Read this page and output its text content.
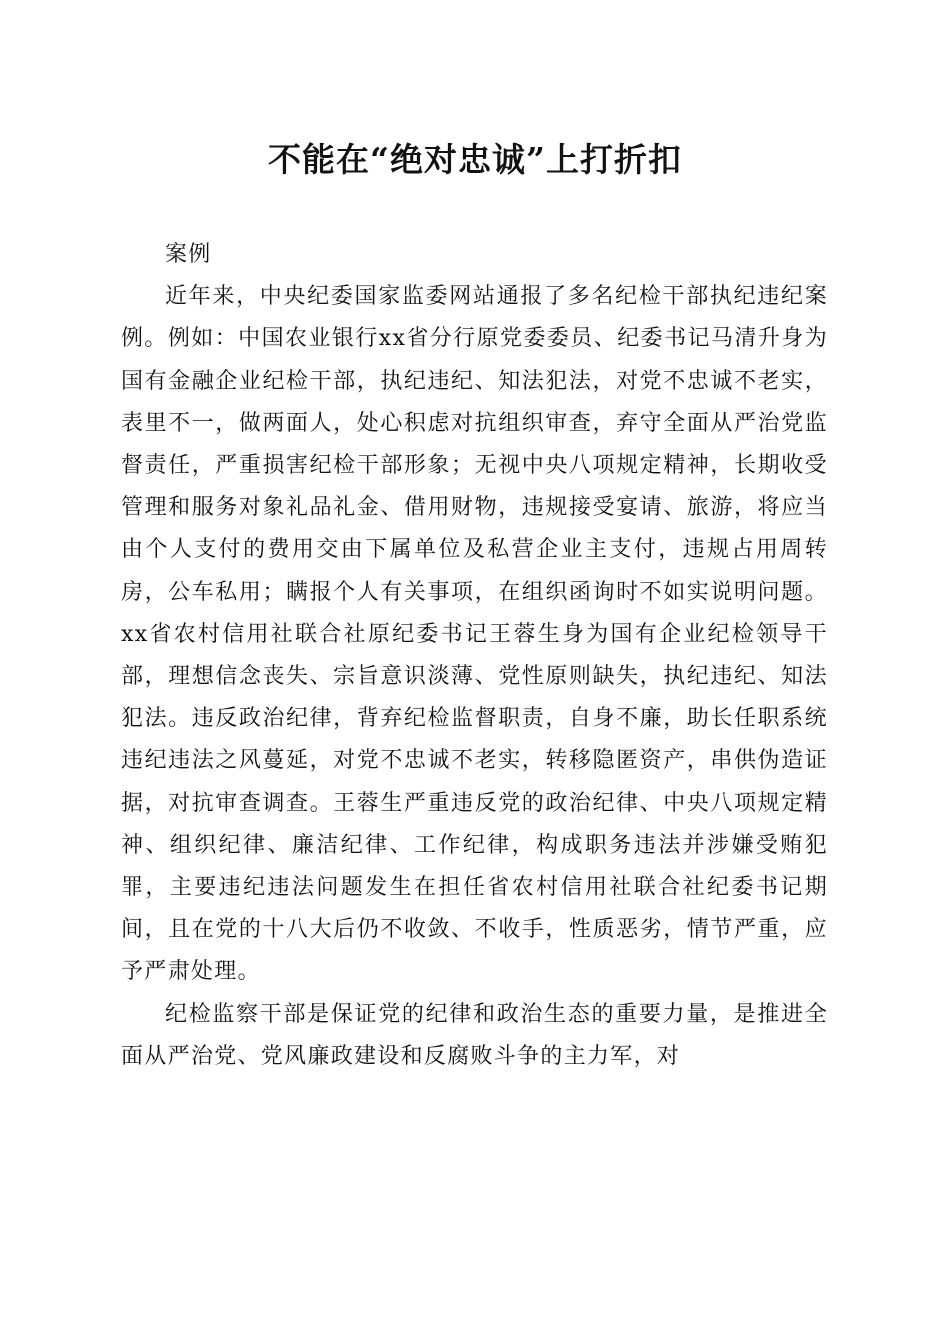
不能在“绝对忠诚”上打折扣

案例

近年来，中央纪委国家监委网站通报了多名纪检干部执纪违纪案例。例如：中国农业银行xx省分行原党委委员、纪委书记马清升身为国有金融企业纪检干部，执纪违纪、知法犯法，对党不忠诚不老实，表里不一，做两面人，处心积虑对抗组织审查，弃守全面从严治党监督责任，严重损害纪检干部形象；无视中央八项规定精神，长期收受管理和服务对象礼品礼金、借用财物，违规接受宴请、旅游，将应当由个人支付的费用交由下属单位及私营企业主支付，违规占用周转房，公车私用；瞒报个人有关事项，在组织函询时不如实说明问题。xx省农村信用社联合社原纪委书记王蓉生身为国有企业纪检领导干部，理想信念丧失、宗旨意识淡薄、党性原则缺失，执纪违纪、知法犯法。违反政治纪律，背弃纪检监督职责，自身不廉，助长任职系统违纪违法之风蔓延，对党不忠诚不老实，转移隐匿资产，串供伪造证据，对抗审查调查。王蓉生严重违反党的政治纪律、中央八项规定精神、组织纪律、廉洁纪律、工作纪律，构成职务违法并涉嫌受贿犯罪，主要违纪违法问题发生在担任省农村信用社联合社纪委书记期间，且在党的十八大后仍不收敛、不收手，性质恶劣，情节严重，应予严肃处理。

纪检监察干部是保证党的纪律和政治生态的重要力量，是推进全面从严治党、党风廉政建设和反腐败斗争的主力军，对
